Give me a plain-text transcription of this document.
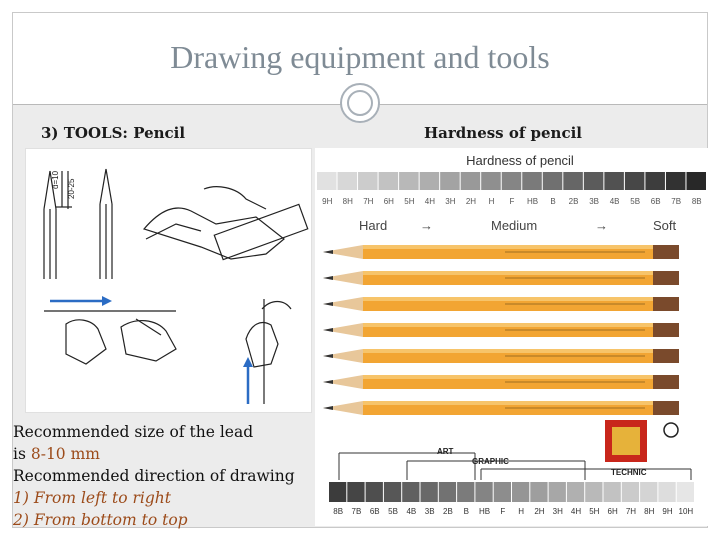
Drawing equipment and tools
3) TOOLS: Pencil	Hardness of pencil
d=10 20-25
Hardness of pencil
9H 8H 7H 6H 5H 4H 3H 2H H F HB B 2B 3B 4B 5B 6B 7B 8B
Hard	→	Medium	→	Soft
ART
GRAPHIC
TECHNIC
8B 7B 6B 5B 4B 3B 2B B HB F H 2H 3H 4H 5H 6H 7H 8H 9H 10H
Recommended size of the lead
is 8-10 mm
Recommended direction of drawing
1) From left to right
2) From bottom to top
